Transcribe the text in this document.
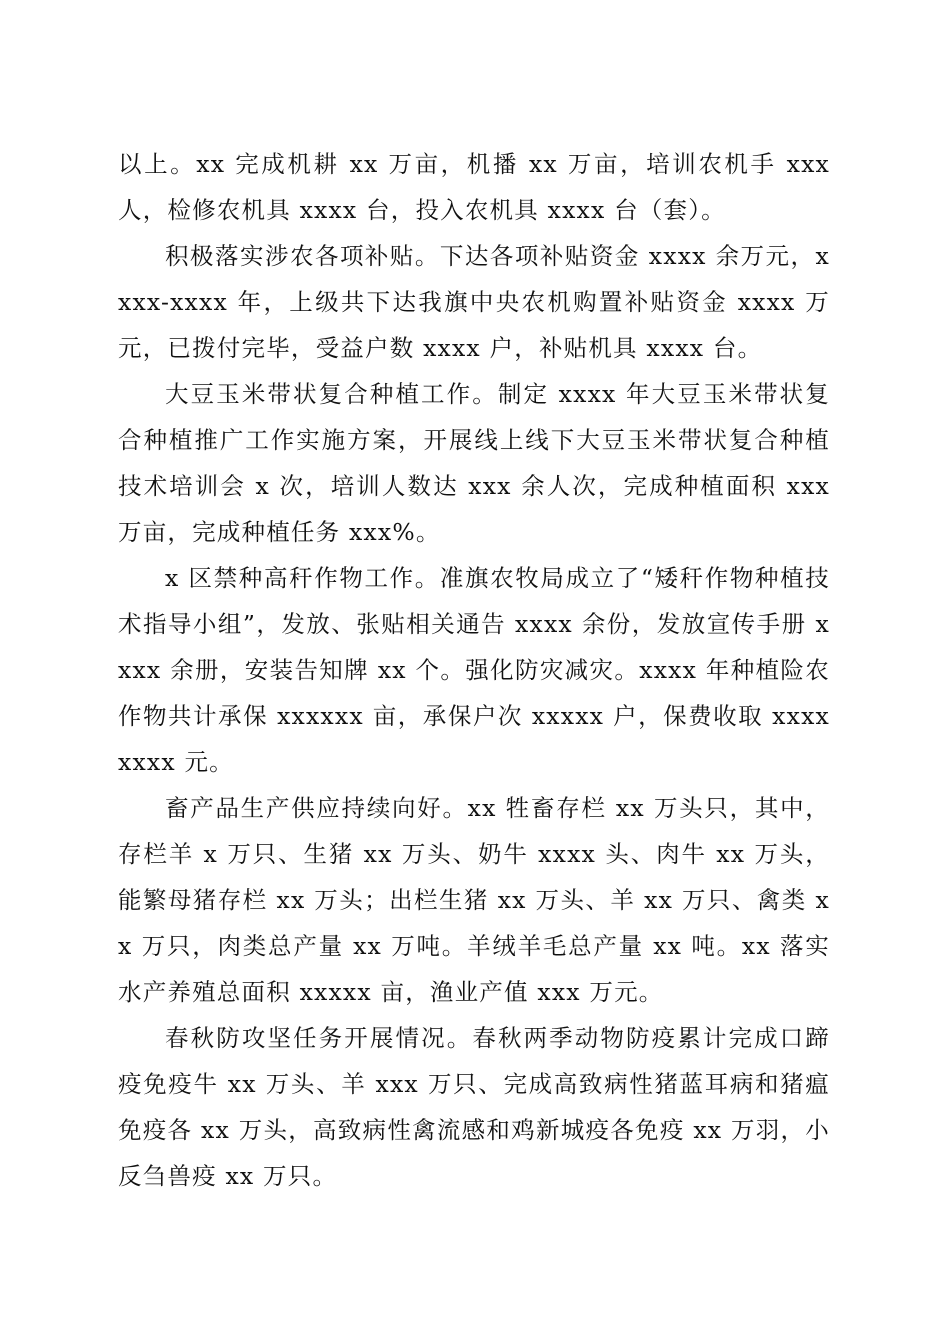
以上。xx 完成机耕 xx 万亩，机播 xx 万亩，培训农机手 xxx 人，检修农机具 xxxx 台，投入农机具 xxxx 台（套）。

积极落实涉农各项补贴。下达各项补贴资金 xxxx 余万元，xxxx-xxxx 年，上级共下达我旗中央农机购置补贴资金 xxxx 万元，已拨付完毕，受益户数 xxxx 户，补贴机具 xxxx 台。

大豆玉米带状复合种植工作。制定 xxxx 年大豆玉米带状复合种植推广工作实施方案，开展线上线下大豆玉米带状复合种植技术培训会 x 次，培训人数达 xxx 余人次，完成种植面积 xxx 万亩，完成种植任务 xxx%。

x 区禁种高秆作物工作。准旗农牧局成立了“矮秆作物种植技术指导小组”，发放、张贴相关通告 xxxx 余份，发放宣传手册 xxxx 余册，安装告知牌 xx 个。强化防灾减灾。xxxx 年种植险农作物共计承保 xxxxxx 亩，承保户次 xxxxx 户，保费收取 xxxxxxxx 元。

畜产品生产供应持续向好。xx 牲畜存栏 xx 万头只，其中，存栏羊 x 万只、生猪 xx 万头、奶牛 xxxx 头、肉牛 xx 万头，能繁母猪存栏 xx 万头；出栏生猪 xx 万头、羊 xx 万只、禽类 xx 万只，肉类总产量 xx 万吨。羊绒羊毛总产量 xx 吨。xx 落实水产养殖总面积 xxxxx 亩，渔业产值 xxx 万元。

春秋防攻坚任务开展情况。春秋两季动物防疫累计完成口蹄疫免疫牛 xx 万头、羊 xxx 万只、完成高致病性猪蓝耳病和猪瘟免疫各 xx 万头，高致病性禽流感和鸡新城疫各免疫 xx 万羽，小反刍兽疫 xx 万只。
